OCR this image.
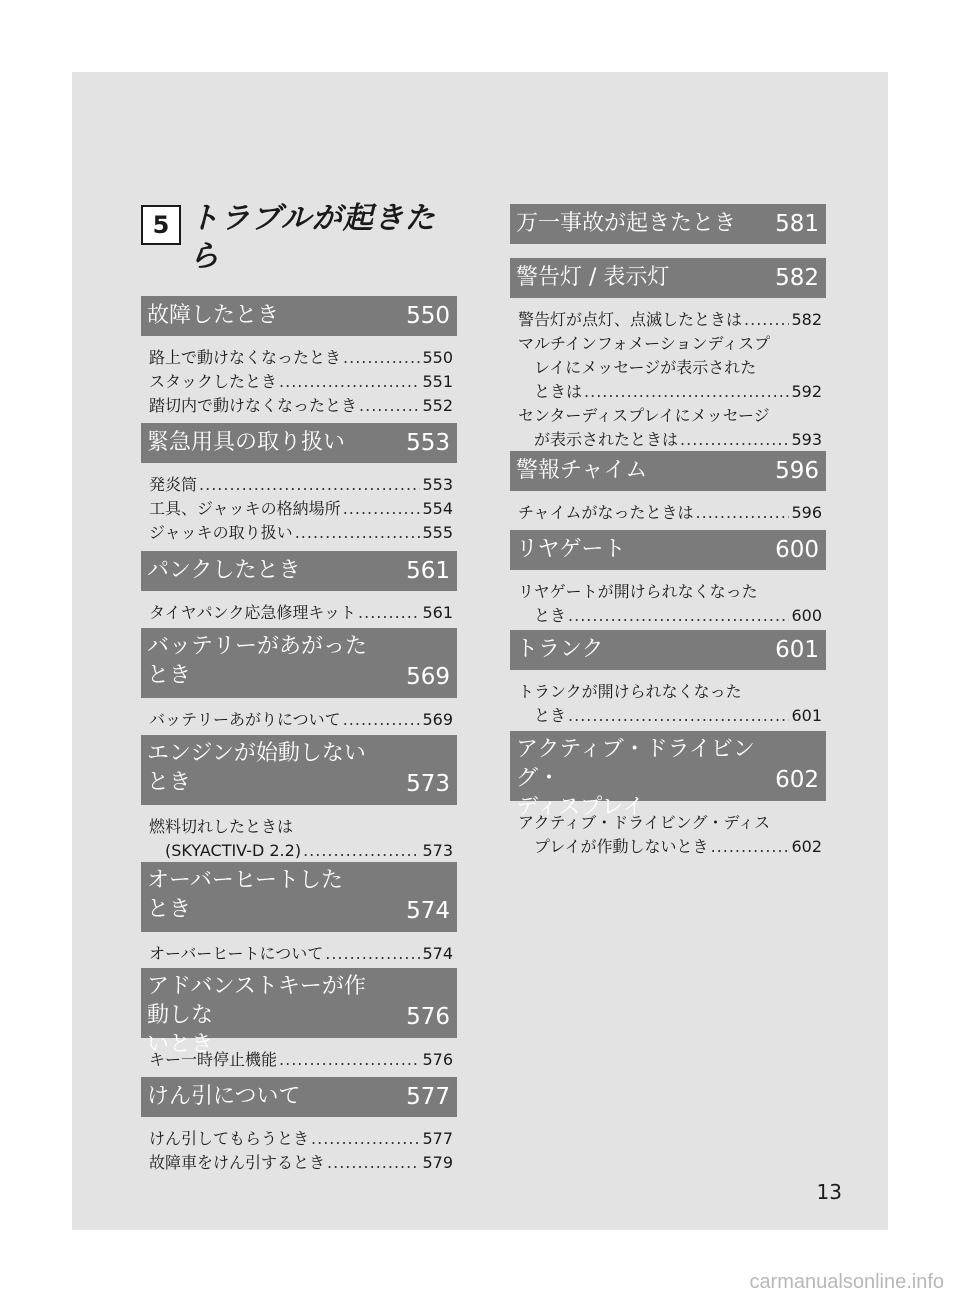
5 トラブルが起きたら
故障したとき	550
路上で動けなくなったとき .....	550
スタックしたとき .....	551
踏切内で動けなくなったとき .....	552
緊急用具の取り扱い	553
発炎筒 .....	553
工具、ジャッキの格納場所 .....	554
ジャッキの取り扱い .....	555
パンクしたとき	561
タイヤパンク応急修理キット .....	561
バッテリーがあがった
とき	569
バッテリーあがりについて .....	569
エンジンが始動しない
とき	573
燃料切れしたときは
(SKYACTIV-D 2.2) .....	573
オーバーヒートした
とき	574
オーバーヒートについて .....	574
アドバンストキーが作動しな
いとき
576
キー一時停止機能 .....	576
けん引について	577
けん引してもらうとき .....	577
故障車をけん引するとき .....	579
万一事故が起きたとき	581
警告灯 / 表示灯	582
警告灯が点灯、点滅したときは .....	582
マルチインフォメーションディスプ
レイにメッセージが表示された
ときは .....	592
センターディスプレイにメッセージ
が表示されたときは .....	593
警報チャイム	596
チャイムがなったときは .....	596
リヤゲート	600
リヤゲートが開けられなくなった
とき .....	600
トランク	601
トランクが開けられなくなった
とき .....	601
アクティブ・ドライビング・
ディスプレイ
602
アクティブ・ドライビング・ディス
プレイが作動しないとき .....	602
13
carmanualsonline.info
